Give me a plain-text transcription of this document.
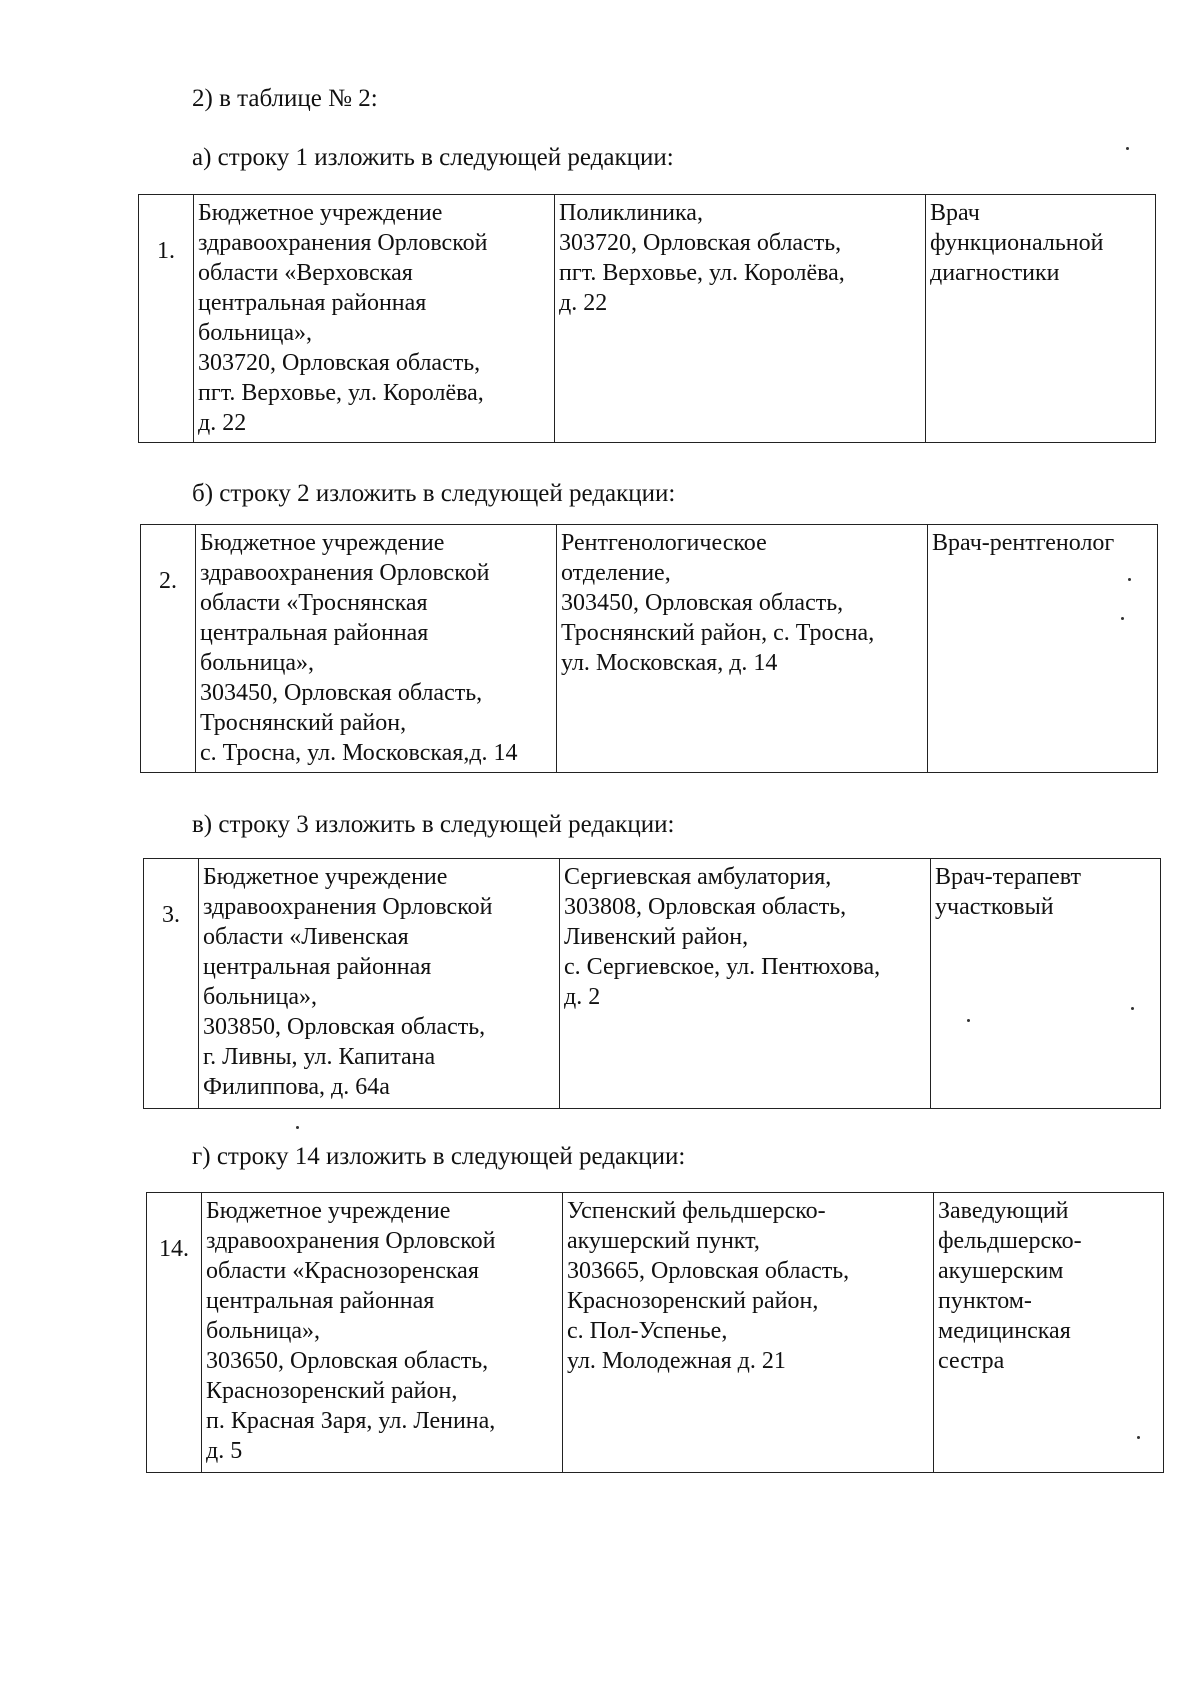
2) в таблице № 2:
а) строку 1 изложить в следующей редакции:
1.

Бюджетное учреждение
здравоохранения Орловской
области «Верховская
центральная районная
больница»,
303720, Орловская область,
пгт. Верховье, ул. Королёва,
д. 22

Поликлиника,
303720, Орловская область,
пгт. Верховье, ул. Королёва,
д. 22

Врач
функциональной
диагностики
б) строку 2 изложить в следующей редакции:
2.

Бюджетное учреждение
здравоохранения Орловской
области «Троснянская
центральная районная
больница»,
303450, Орловская область,
Троснянский район,
с. Тросна, ул. Московская,д. 14

Рентгенологическое
отделение,
303450, Орловская область,
Троснянский район, с. Тросна,
ул. Московская, д. 14

Врач-рентгенолог
в) строку 3 изложить в следующей редакции:
3.

Бюджетное учреждение
здравоохранения Орловской
области «Ливенская
центральная районная
больница»,
303850, Орловская область,
г. Ливны, ул. Капитана
Филиппова, д. 64а

Сергиевская амбулатория,
303808, Орловская область,
Ливенский район,
с. Сергиевское, ул. Пентюхова,
д. 2

Врач-терапевт
участковый
г) строку 14 изложить в следующей редакции:
14.

Бюджетное учреждение
здравоохранения Орловской
области «Краснозоренская
центральная районная
больница»,
303650, Орловская область,
Краснозоренский район,
п. Красная Заря, ул. Ленина,
д. 5

Успенский фельдшерско-
акушерский пункт,
303665, Орловская область,
Краснозоренский район,
с. Пол-Успенье,
ул. Молодежная д. 21

Заведующий
фельдшерско-
акушерским
пунктом-
медицинская
сестра
